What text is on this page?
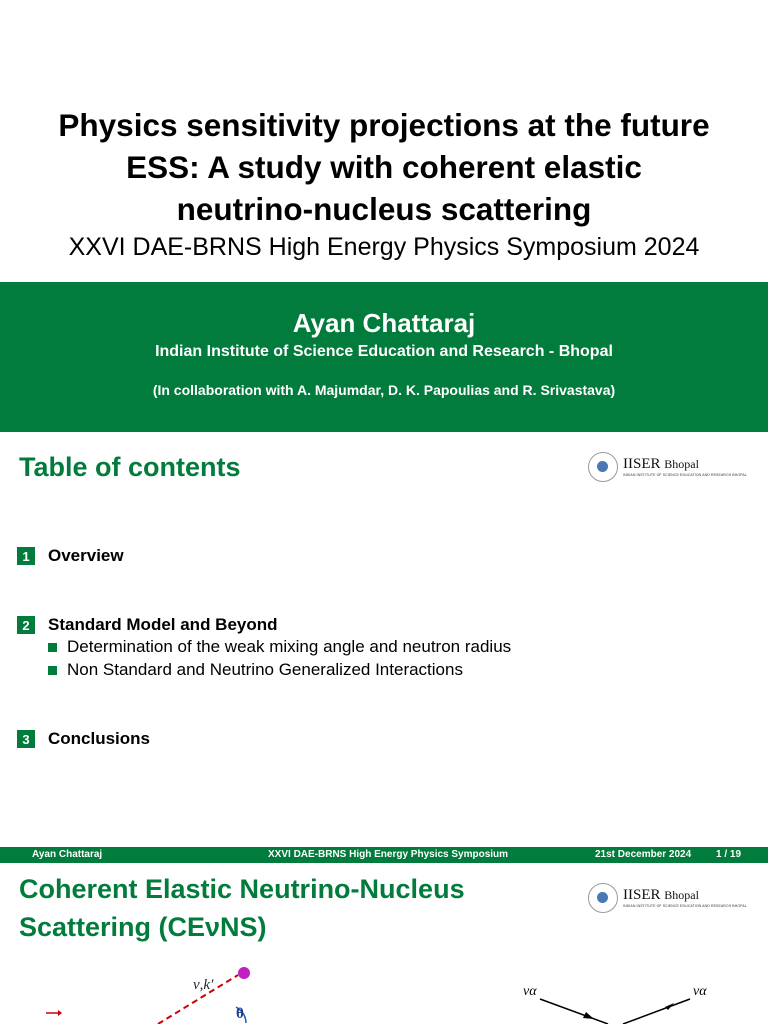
Physics sensitivity projections at the future
ESS: A study with coherent elastic
neutrino-nucleus scattering

XXVI DAE-BRNS High Energy Physics Symposium 2024
Ayan Chattaraj
Indian Institute of Science Education and Research - Bhopal
(In collaboration with A. Majumdar, D. K. Papoulias and R. Srivastava)
Table of contents	IISER Bhopal
INDIAN INSTITUTE OF SCIENCE EDUCATION AND RESEARCH BHOPAL
1	Overview
2	Standard Model and Beyond
Determination of the weak mixing angle and neutron radius
Non Standard and Neutrino Generalized Interactions
3	Conclusions
Ayan Chattaraj	XXVI DAE-BRNS High Energy Physics Symposium	21st December 2024 1 / 19
Coherent Elastic Neutrino-Nucleus
Scattering (CEνNS)
IISER Bhopal
INDIAN INSTITUTE OF SCIENCE EDUCATION AND RESEARCH BHOPAL
ν,k′
θ
να	να
